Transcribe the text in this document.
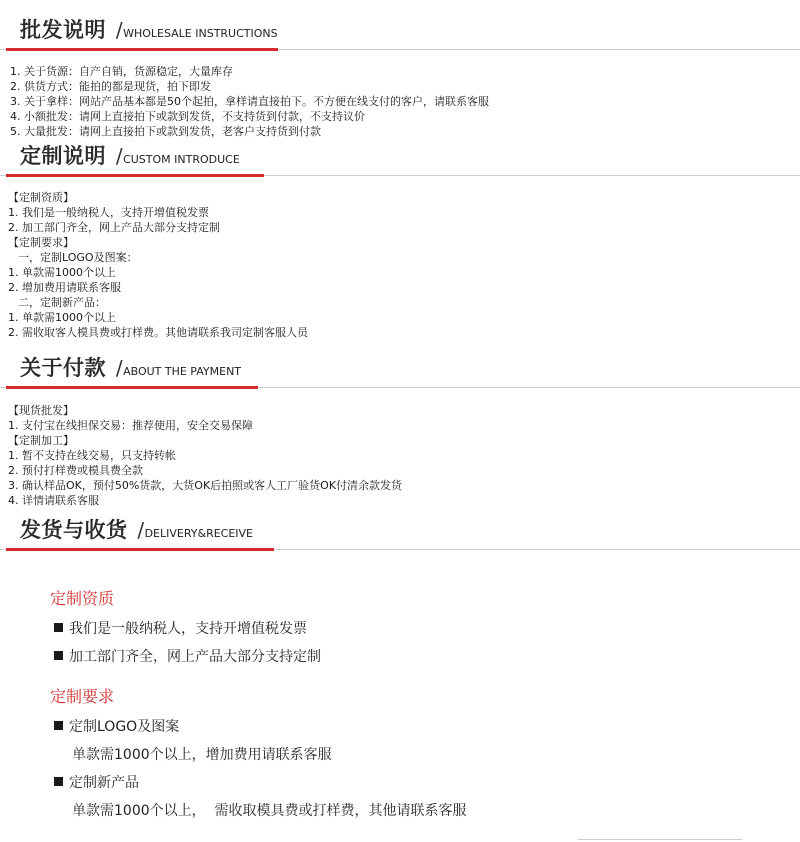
批发说明 /WHOLESALE INSTRUCTIONS
1. 关于货源：自产自销，货源稳定，大量库存
2. 供货方式：能拍的都是现货，拍下即发
3. 关于拿样：网站产品基本都是50个起拍，拿样请直接拍下。不方便在线支付的客户，请联系客服
4. 小额批发：请网上直接拍下或款到发货，不支持货到付款，不支持议价
5. 大量批发：请网上直接拍下或款到发货，老客户支持货到付款
定制说明 /CUSTOM INTRODUCE
【定制资质】
1. 我们是一般纳税人，支持开增值税发票
2. 加工部门齐全，网上产品大部分支持定制
【定制要求】
一，定制LOGO及图案：
1. 单款需1000个以上
2. 增加费用请联系客服
二，定制新产品：
1. 单款需1000个以上
2. 需收取客人模具费或打样费。其他请联系我司定制客服人员
关于付款 /ABOUT THE PAYMENT
【现货批发】
1. 支付宝在线担保交易：推荐使用，安全交易保障
【定制加工】
1. 暂不支持在线交易，只支持转帐
2. 预付打样费或模具费全款
3. 确认样品OK，预付50%货款，大货OK后拍照或客人工厂验货OK付清余款发货
4. 详情请联系客服
发货与收货 /DELIVERY&RECEIVE
定制资质
我们是一般纳税人，支持开增值税发票
加工部门齐全，网上产品大部分支持定制
定制要求
定制LOGO及图案
单款需1000个以上，增加费用请联系客服
定制新产品
单款需1000个以上，  需收取模具费或打样费，其他请联系客服
